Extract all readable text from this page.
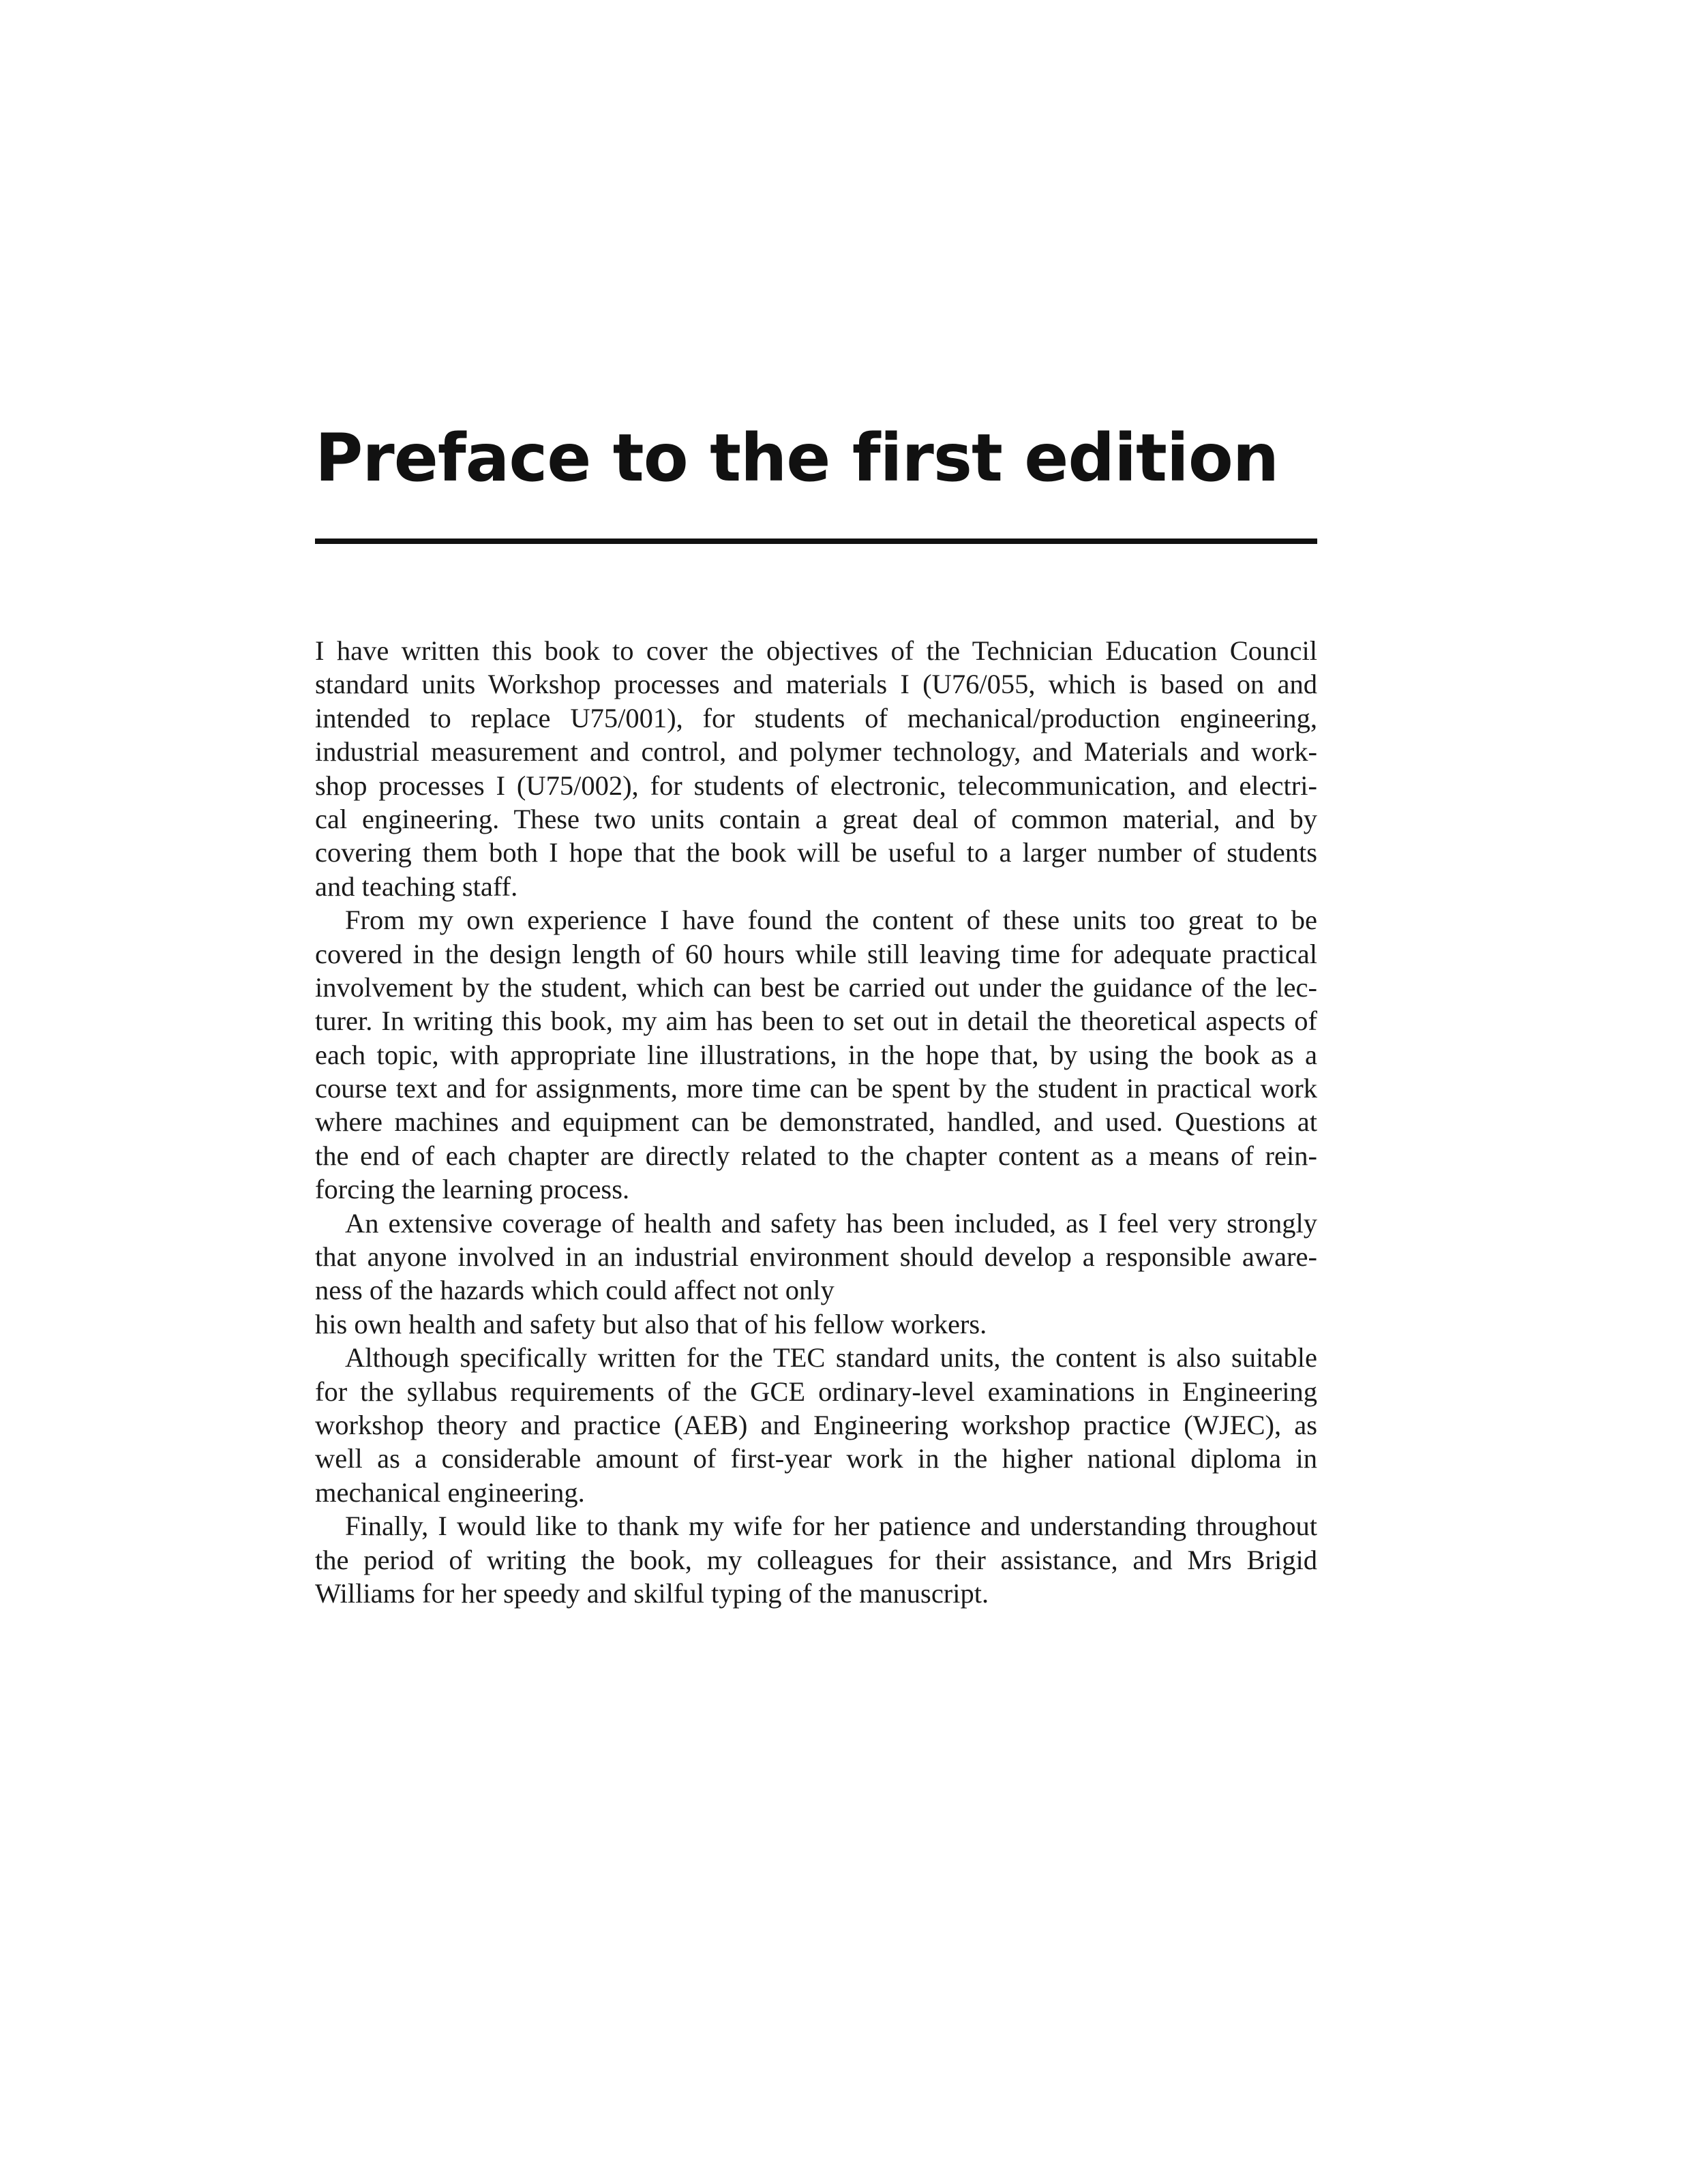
Preface to the first edition
I have written this book to cover the objectives of the Technician Education Council
standard units Workshop processes and materials I (U76/055, which is based on and
intended to replace U75/001), for students of mechanical/production engineering,
industrial measurement and control, and polymer technology, and Materials and work-
shop processes I (U75/002), for students of electronic, telecommunication, and electri-
cal engineering. These two units contain a great deal of common material, and by
covering them both I hope that the book will be useful to a larger number of students
and teaching staff.
From my own experience I have found the content of these units too great to be
covered in the design length of 60 hours while still leaving time for adequate practical
involvement by the student, which can best be carried out under the guidance of the lec-
turer. In writing this book, my aim has been to set out in detail the theoretical aspects of
each topic, with appropriate line illustrations, in the hope that, by using the book as a
course text and for assignments, more time can be spent by the student in practical work
where machines and equipment can be demonstrated, handled, and used. Questions at
the end of each chapter are directly related to the chapter content as a means of rein-
forcing the learning process.
An extensive coverage of health and safety has been included, as I feel very strongly
that anyone involved in an industrial environment should develop a responsible aware-
ness of the hazards which could affect not only
his own health and safety but also that of his fellow workers.
Although specifically written for the TEC standard units, the content is also suitable
for the syllabus requirements of the GCE ordinary-level examinations in Engineering
workshop theory and practice (AEB) and Engineering workshop practice (WJEC), as
well as a considerable amount of first-year work in the higher national diploma in
mechanical engineering.
Finally, I would like to thank my wife for her patience and understanding throughout
the period of writing the book, my colleagues for their assistance, and Mrs Brigid
Williams for her speedy and skilful typing of the manuscript.
